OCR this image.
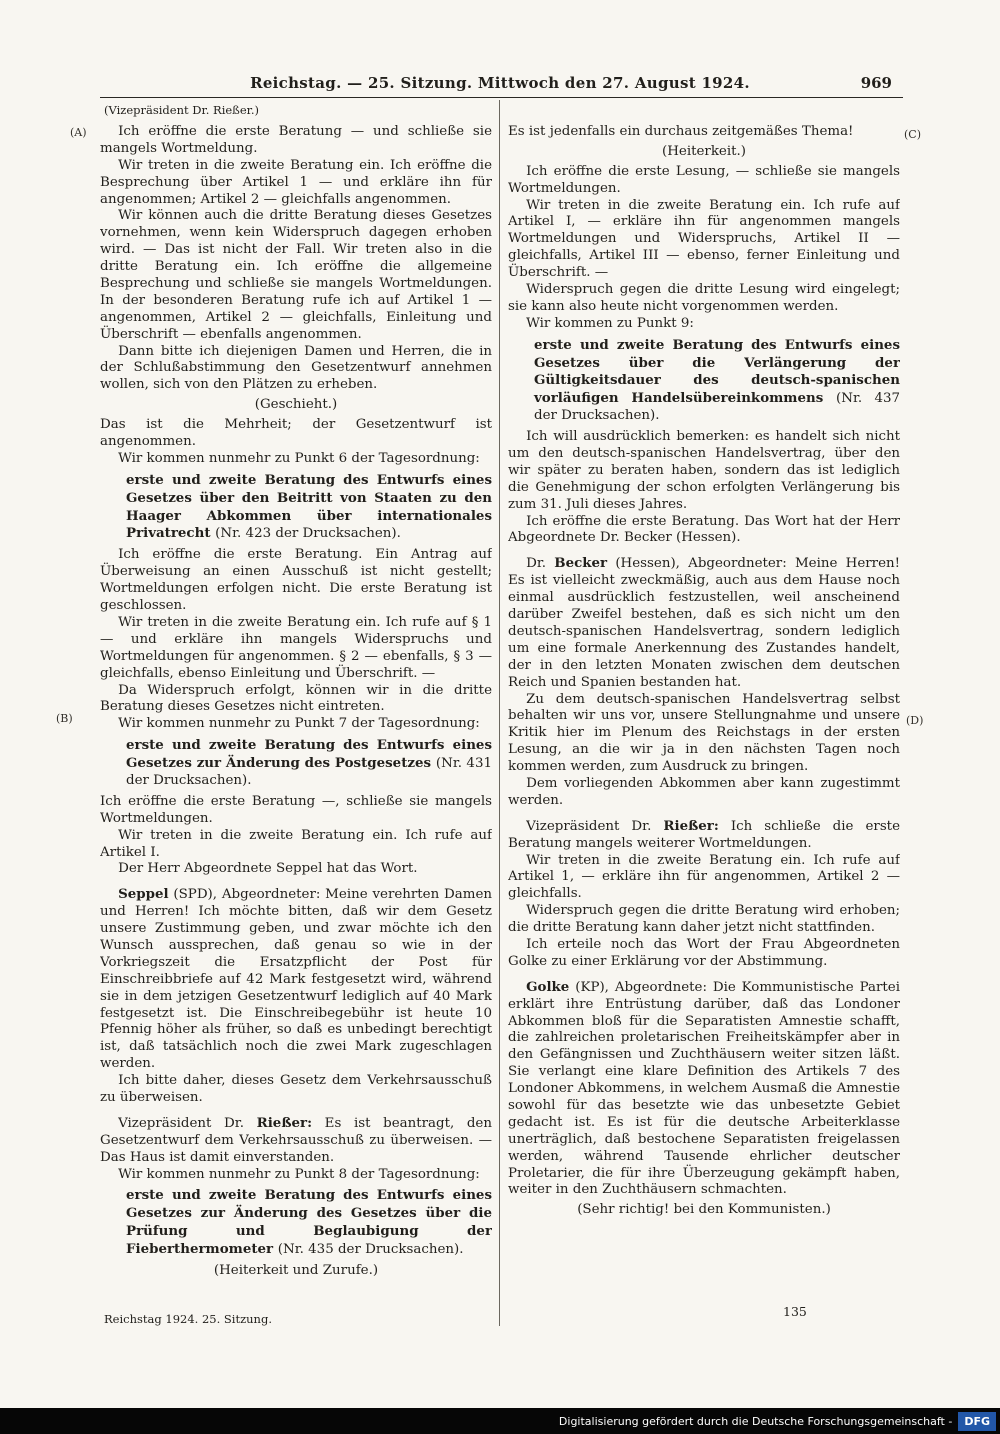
Reichstag. — 25. Sitzung. Mittwoch den 27. August 1924.	969
(Vizepräsident Dr. Rießer.)
(A)
(B)
(C)
(D)

Ich eröffne die erste Beratung — und schließe sie mangels Wortmeldung.

Wir treten in die zweite Beratung ein. Ich eröffne die Besprechung über Artikel 1 — und erkläre ihn für angenommen; Artikel 2 — gleichfalls angenommen.

Wir können auch die dritte Beratung dieses Gesetzes vornehmen, wenn kein Widerspruch dagegen erhoben wird. — Das ist nicht der Fall. Wir treten also in die dritte Beratung ein. Ich eröffne die allgemeine Besprechung und schließe sie mangels Wortmeldungen. In der besonderen Beratung rufe ich auf Artikel 1 — angenommen, Artikel 2 — gleichfalls, Einleitung und Überschrift — ebenfalls angenommen.

Dann bitte ich diejenigen Damen und Herren, die in der Schlußabstimmung den Gesetzentwurf annehmen wollen, sich von den Plätzen zu erheben.

(Geschieht.)

Das ist die Mehrheit; der Gesetzentwurf ist angenommen.

Wir kommen nunmehr zu Punkt 6 der Tagesordnung:

erste und zweite Beratung des Entwurfs eines Gesetzes über den Beitritt von Staaten zu den Haager Abkommen über internationales Privatrecht (Nr. 423 der Drucksachen).

Ich eröffne die erste Beratung. Ein Antrag auf Überweisung an einen Ausschuß ist nicht gestellt; Wortmeldungen erfolgen nicht. Die erste Beratung ist geschlossen.

Wir treten in die zweite Beratung ein. Ich rufe auf § 1 — und erkläre ihn mangels Widerspruchs und Wortmeldungen für angenommen. § 2 — ebenfalls, § 3 — gleichfalls, ebenso Einleitung und Überschrift. —

Da Widerspruch erfolgt, können wir in die dritte Beratung dieses Gesetzes nicht eintreten.

Wir kommen nunmehr zu Punkt 7 der Tagesordnung:

erste und zweite Beratung des Entwurfs eines Gesetzes zur Änderung des Postgesetzes (Nr. 431 der Drucksachen).

Ich eröffne die erste Beratung —, schließe sie mangels Wortmeldungen.

Wir treten in die zweite Beratung ein. Ich rufe auf Artikel I.

Der Herr Abgeordnete Seppel hat das Wort.

Seppel (SPD), Abgeordneter: Meine verehrten Damen und Herren! Ich möchte bitten, daß wir dem Gesetz unsere Zustimmung geben, und zwar möchte ich den Wunsch aussprechen, daß genau so wie in der Vorkriegszeit die Ersatzpflicht der Post für Einschreibbriefe auf 42 Mark festgesetzt wird, während sie in dem jetzigen Gesetzentwurf lediglich auf 40 Mark festgesetzt ist. Die Einschreibegebühr ist heute 10 Pfennig höher als früher, so daß es unbedingt berechtigt ist, daß tatsächlich noch die zwei Mark zugeschlagen werden.

Ich bitte daher, dieses Gesetz dem Verkehrsausschuß zu überweisen.

Vizepräsident Dr. Rießer: Es ist beantragt, den Gesetzentwurf dem Verkehrsausschuß zu überweisen. — Das Haus ist damit einverstanden.

Wir kommen nunmehr zu Punkt 8 der Tagesordnung:

erste und zweite Beratung des Entwurfs eines Gesetzes zur Änderung des Gesetzes über die Prüfung und Beglaubigung der Fieberthermometer (Nr. 435 der Drucksachen).

(Heiterkeit und Zurufe.)

Es ist jedenfalls ein durchaus zeitgemäßes Thema!

(Heiterkeit.)

Ich eröffne die erste Lesung, — schließe sie mangels Wortmeldungen.

Wir treten in die zweite Beratung ein. Ich rufe auf Artikel I, — erkläre ihn für angenommen mangels Wortmeldungen und Widerspruchs, Artikel II — gleichfalls, Artikel III — ebenso, ferner Einleitung und Überschrift. —

Widerspruch gegen die dritte Lesung wird eingelegt; sie kann also heute nicht vorgenommen werden.

Wir kommen zu Punkt 9:

erste und zweite Beratung des Entwurfs eines Gesetzes über die Verlängerung der Gültigkeitsdauer des deutsch-spanischen vorläufigen Handelsübereinkommens (Nr. 437 der Drucksachen).

Ich will ausdrücklich bemerken: es handelt sich nicht um den deutsch-spanischen Handelsvertrag, über den wir später zu beraten haben, sondern das ist lediglich die Genehmigung der schon erfolgten Verlängerung bis zum 31. Juli dieses Jahres.

Ich eröffne die erste Beratung. Das Wort hat der Herr Abgeordnete Dr. Becker (Hessen).

Dr. Becker (Hessen), Abgeordneter: Meine Herren! Es ist vielleicht zweckmäßig, auch aus dem Hause noch einmal ausdrücklich festzustellen, weil anscheinend darüber Zweifel bestehen, daß es sich nicht um den deutsch-spanischen Handelsvertrag, sondern lediglich um eine formale Anerkennung des Zustandes handelt, der in den letzten Monaten zwischen dem deutschen Reich und Spanien bestanden hat.

Zu dem deutsch-spanischen Handelsvertrag selbst behalten wir uns vor, unsere Stellungnahme und unsere Kritik hier im Plenum des Reichstags in der ersten Lesung, an die wir ja in den nächsten Tagen noch kommen werden, zum Ausdruck zu bringen.

Dem vorliegenden Abkommen aber kann zugestimmt werden.

Vizepräsident Dr. Rießer: Ich schließe die erste Beratung mangels weiterer Wortmeldungen.

Wir treten in die zweite Beratung ein. Ich rufe auf Artikel 1, — erkläre ihn für angenommen, Artikel 2 — gleichfalls.

Widerspruch gegen die dritte Beratung wird erhoben; die dritte Beratung kann daher jetzt nicht stattfinden.

Ich erteile noch das Wort der Frau Abgeordneten Golke zu einer Erklärung vor der Abstimmung.

Golke (KP), Abgeordnete: Die Kommunistische Partei erklärt ihre Entrüstung darüber, daß das Londoner Abkommen bloß für die Separatisten Amnestie schafft, die zahlreichen proletarischen Freiheitskämpfer aber in den Gefängnissen und Zuchthäusern weiter sitzen läßt. Sie verlangt eine klare Definition des Artikels 7 des Londoner Abkommens, in welchem Ausmaß die Amnestie sowohl für das besetzte wie das unbesetzte Gebiet gedacht ist. Es ist für die deutsche Arbeiterklasse unerträglich, daß bestochene Separatisten freigelassen werden, während Tausende ehrlicher deutscher Proletarier, die für ihre Überzeugung gekämpft haben, weiter in den Zuchthäusern schmachten.

(Sehr richtig! bei den Kommunisten.)

Reichstag 1924. 25. Sitzung.	135
Digitalisierung gefördert durch die Deutsche Forschungsgemeinschaft -	DFG
